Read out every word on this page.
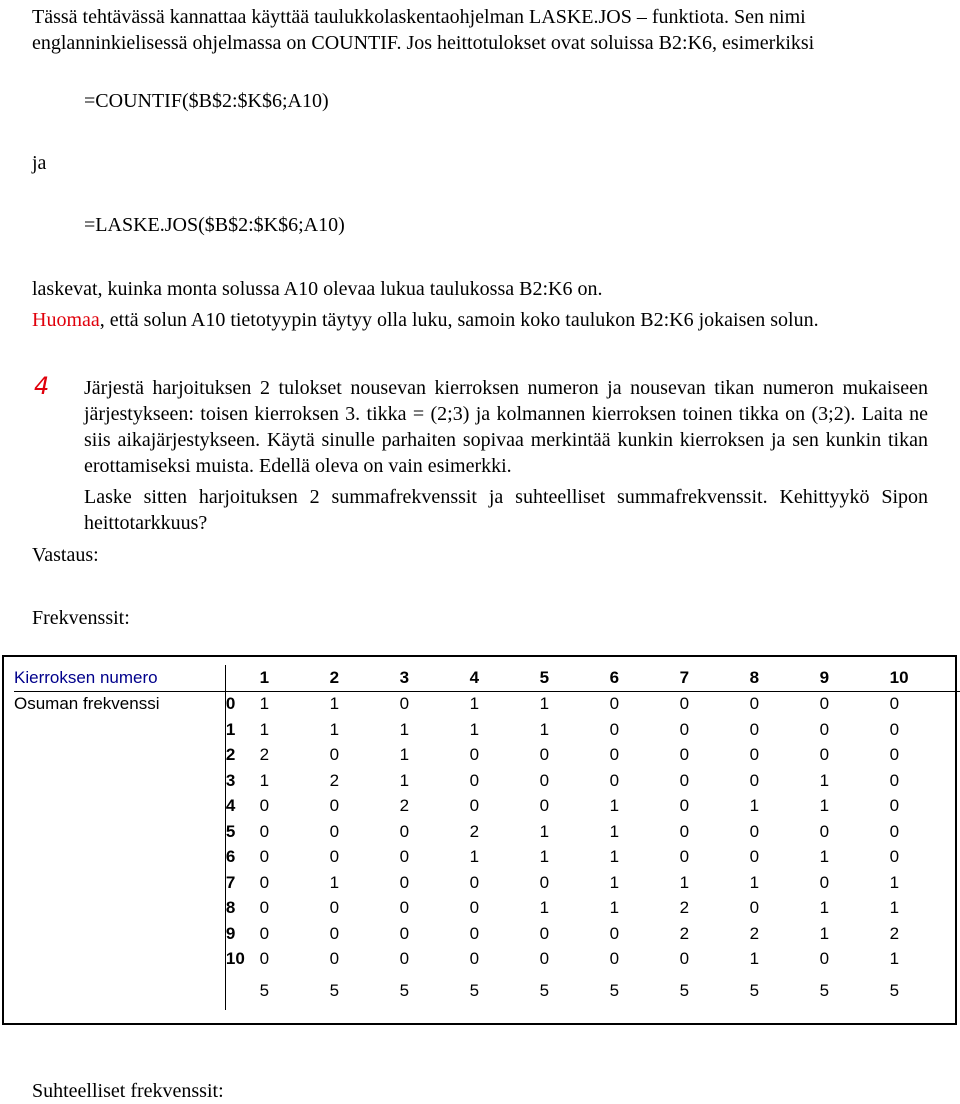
Tässä tehtävässä kannattaa käyttää taulukkolaskentaohjelman LASKE.JOS – funktiota. Sen nimi englanninkielisessä ohjelmassa on COUNTIF. Jos heittotulokset ovat soluissa B2:K6, esimerkiksi

=COUNTIF($B$2:$K$6;A10)
ja
=LASKE.JOS($B$2:$K$6;A10)
laskevat, kuinka monta solussa A10 olevaa lukua taulukossa B2:K6 on.
Huomaa, että solun A10 tietotyypin täytyy olla luku, samoin koko taulukon B2:K6 jokaisen solun.
4 Järjestä harjoituksen 2 tulokset nousevan kierroksen numeron ja nousevan tikan numeron mukaiseen järjestykseen: toisen kierroksen 3. tikka = (2;3) ja kolmannen kierroksen toinen tikka on (3;2). Laita ne siis aikajärjestykseen. Käytä sinulle parhaiten sopivaa merkintää kunkin kierroksen ja sen kunkin tikan erottamiseksi muista. Edellä oleva on vain esimerkki.

Laske sitten harjoituksen 2 summafrekvenssit ja suhteelliset summafrekvenssit. Kehittyykö Sipon heittotarkkuus?

Vastaus:
Frekvenssit:
Kierroksen numero		1	2	3	4	5	6	7	8	9	10
Osuman frekvenssi	0	1	1	0	1	1	0	0	0	0	0
	1	1	1	1	1	1	0	0	0	0	0
	2	2	0	1	0	0	0	0	0	0	0
	3	1	2	1	0	0	0	0	0	1	0
	4	0	0	2	0	0	1	0	1	1	0
	5	0	0	0	2	1	1	0	0	0	0
	6	0	0	0	1	1	1	0	0	1	0
	7	0	1	0	0	0	1	1	1	0	1
	8	0	0	0	0	1	1	2	0	1	1
	9	0	0	0	0	0	0	2	2	1	2
	10	0	0	0	0	0	0	0	1	0	1
		5	5	5	5	5	5	5	5	5	5
Suhteelliset frekvenssit:
